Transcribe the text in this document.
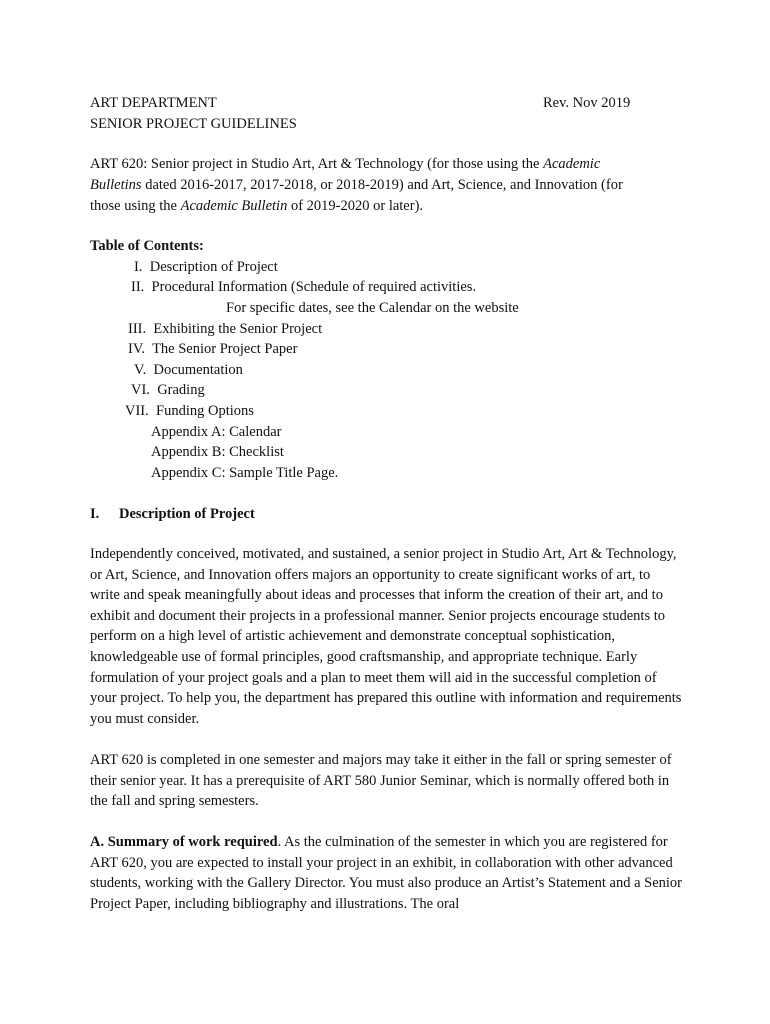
ART DEPARTMENT	Rev. Nov 2019
SENIOR PROJECT GUIDELINES
ART 620: Senior project in Studio Art, Art & Technology (for those using the Academic
Bulletins dated 2016-2017, 2017-2018, or 2018-2019) and Art, Science, and Innovation (for
those using the Academic Bulletin of 2019-2020 or later).
Table of Contents:
I. Description of Project
II. Procedural Information (Schedule of required activities.
For specific dates, see the Calendar on the website
III. Exhibiting the Senior Project
IV. The Senior Project Paper
V. Documentation
VI. Grading
VII. Funding Options
Appendix A: Calendar
Appendix B: Checklist
Appendix C: Sample Title Page.
I. Description of Project
Independently conceived, motivated, and sustained, a senior project in Studio Art, Art & Technology, or Art, Science, and Innovation offers majors an opportunity to create significant works of art, to write and speak meaningfully about ideas and processes that inform the creation of their art, and to exhibit and document their projects in a professional manner. Senior projects encourage students to perform on a high level of artistic achievement and demonstrate conceptual sophistication, knowledgeable use of formal principles, good craftsmanship, and appropriate technique. Early formulation of your project goals and a plan to meet them will aid in the successful completion of your project. To help you, the department has prepared this outline with information and requirements you must consider.
ART 620 is completed in one semester and majors may take it either in the fall or spring semester of their senior year. It has a prerequisite of ART 580 Junior Seminar, which is normally offered both in the fall and spring semesters.
A. Summary of work required. As the culmination of the semester in which you are registered for ART 620, you are expected to install your project in an exhibit, in collaboration with other advanced students, working with the Gallery Director. You must also produce an Artist’s Statement and a Senior Project Paper, including bibliography and illustrations. The oral
